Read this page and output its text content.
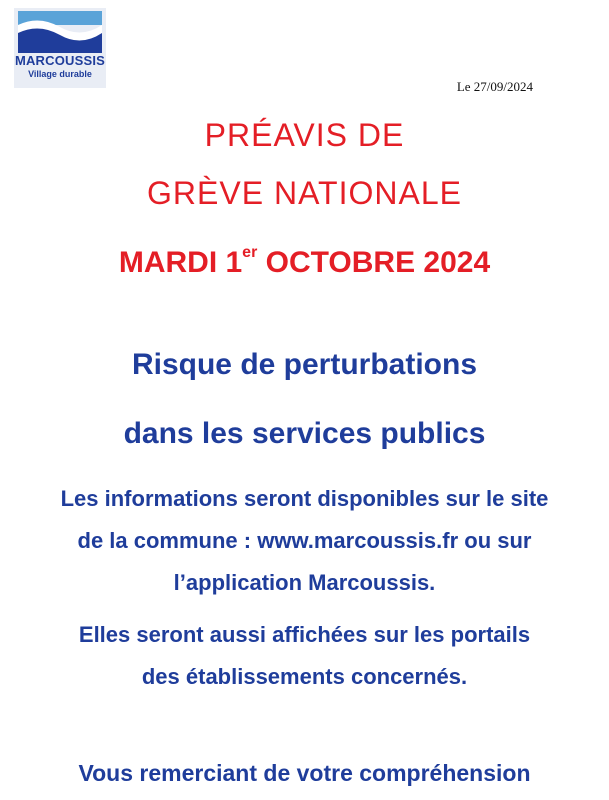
MARCOUSSIS
Village durable
Le 27/09/2024
PRÉAVIS DE
GRÈVE NATIONALE
MARDI 1er OCTOBRE 2024
Risque de perturbations
dans les services publics
Les informations seront disponibles sur le site
de la commune : www.marcoussis.fr ou sur
l’application Marcoussis.
Elles seront aussi affichées sur les portails
des établissements concernés.
Vous remerciant de votre compréhension
